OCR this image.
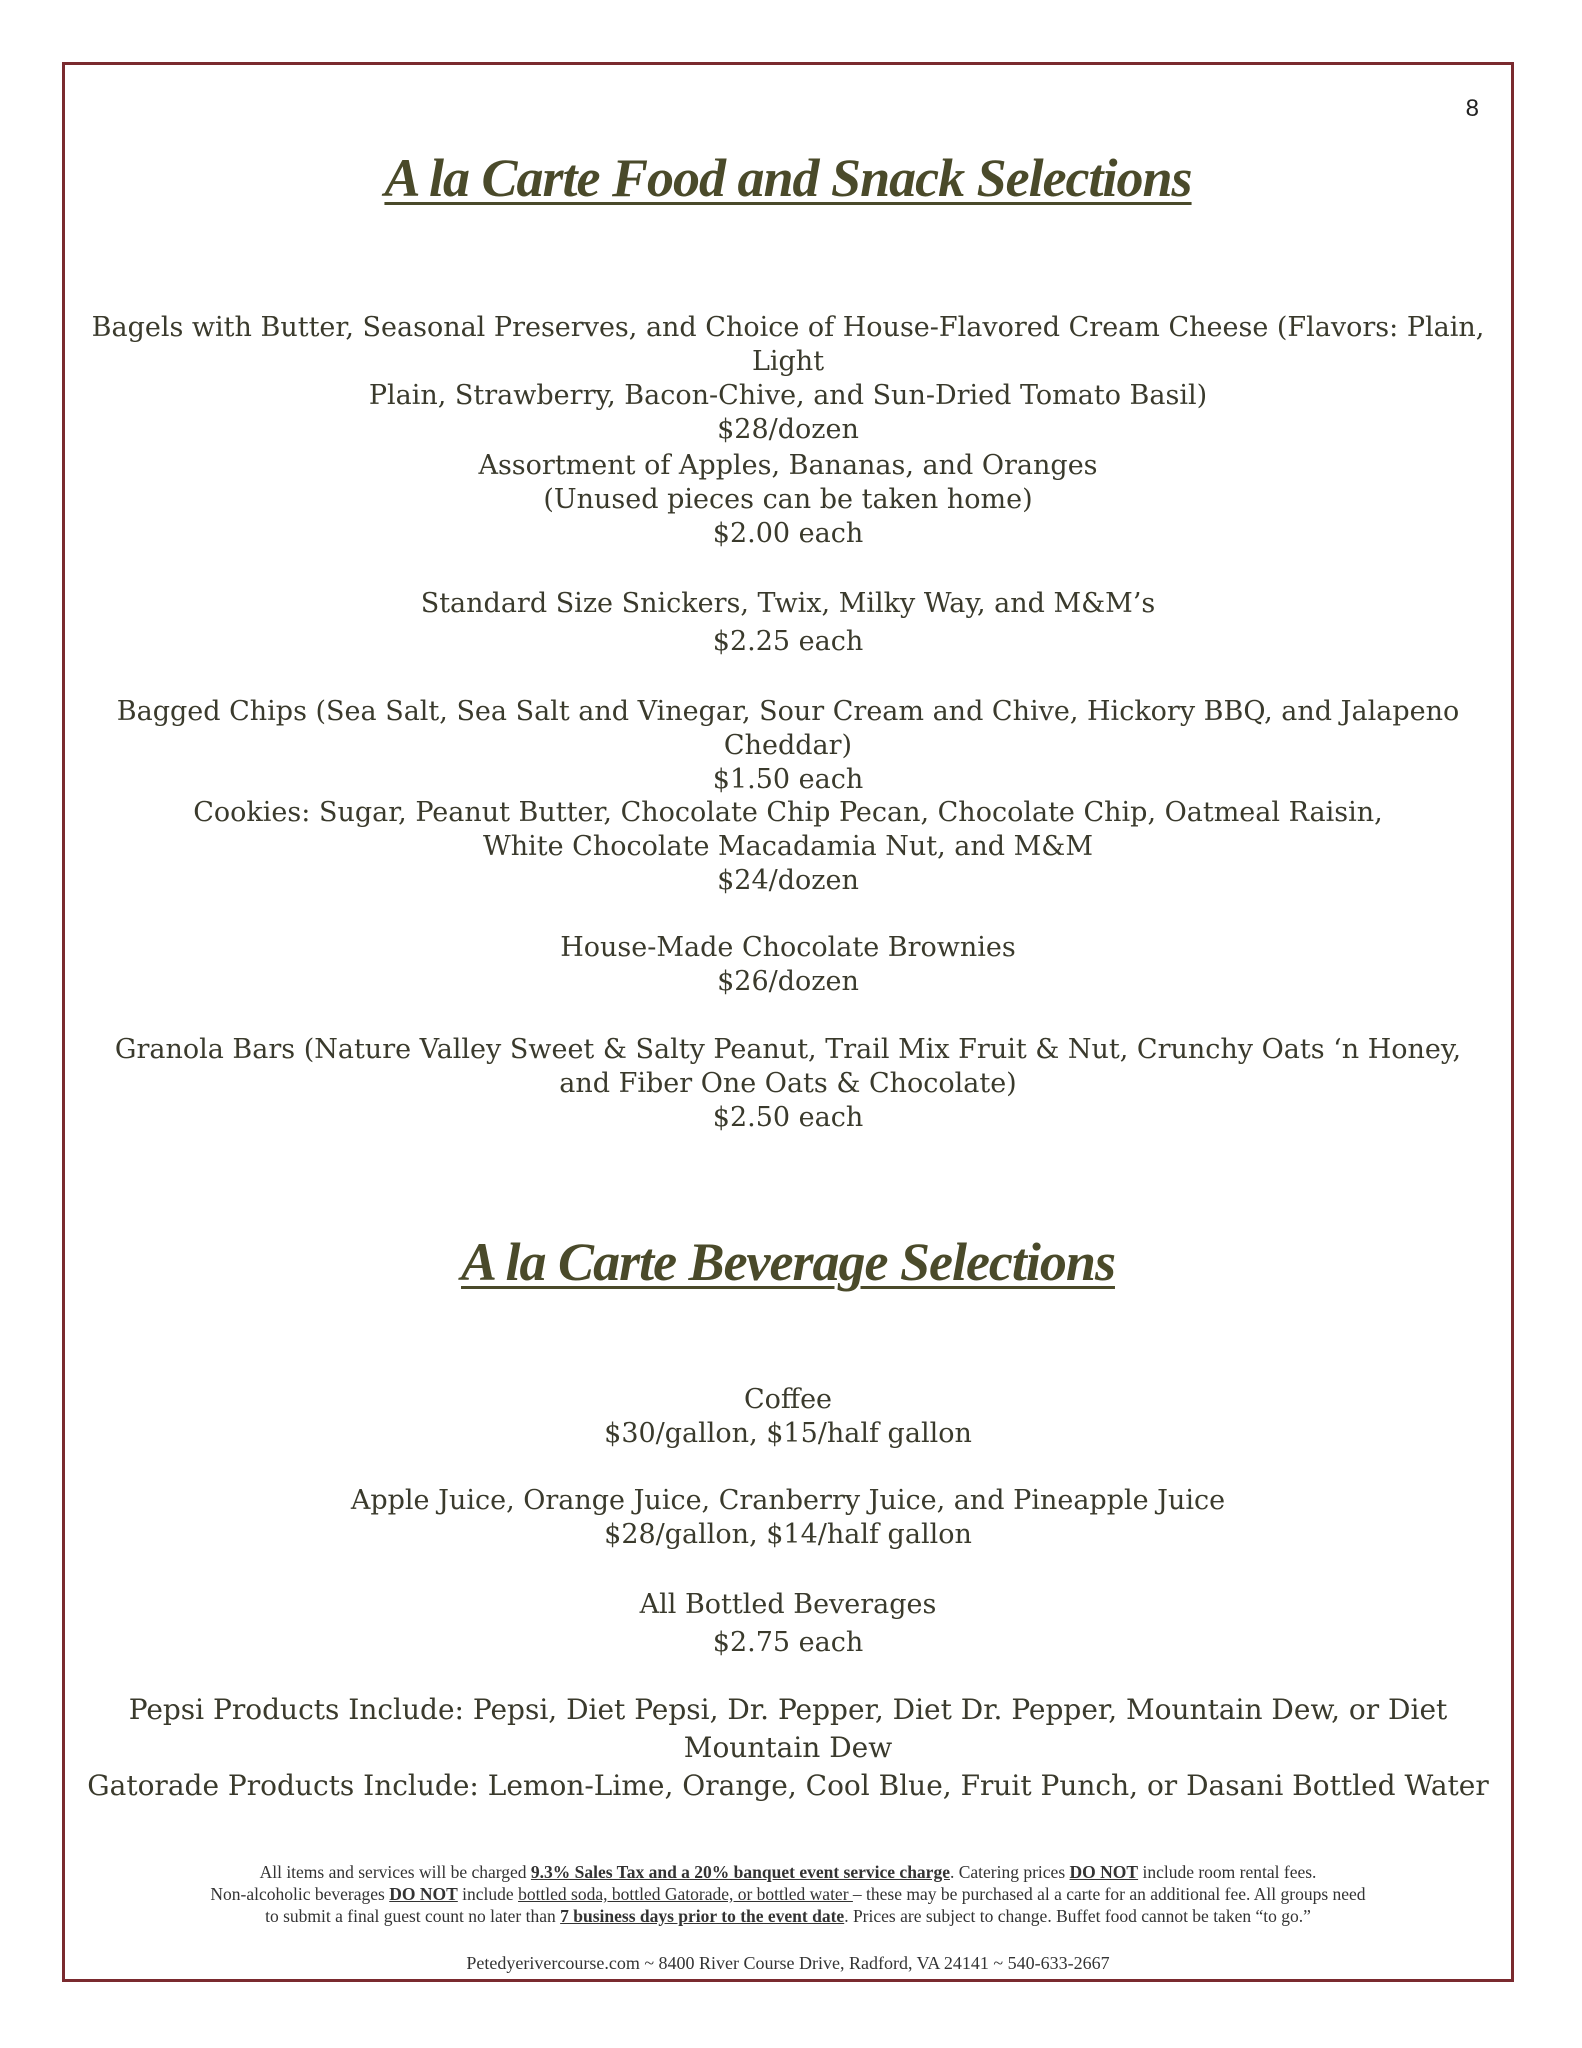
8
A la Carte Food and Snack Selections
Bagels with Butter, Seasonal Preserves, and Choice of House-Flavored Cream Cheese (Flavors: Plain, Light
Plain, Strawberry, Bacon-Chive, and Sun-Dried Tomato Basil)
$28/dozen
Assortment of Apples, Bananas, and Oranges
(Unused pieces can be taken home)
$2.00 each
Standard Size Snickers, Twix, Milky Way, and M&M’s
$2.25 each
Bagged Chips (Sea Salt, Sea Salt and Vinegar, Sour Cream and Chive, Hickory BBQ, and Jalapeno Cheddar)
$1.50 each
Cookies: Sugar, Peanut Butter, Chocolate Chip Pecan, Chocolate Chip, Oatmeal Raisin,
White Chocolate Macadamia Nut, and M&M
$24/dozen
House-Made Chocolate Brownies
$26/dozen
Granola Bars (Nature Valley Sweet & Salty Peanut, Trail Mix Fruit & Nut, Crunchy Oats ‘n Honey,
and Fiber One Oats & Chocolate)
$2.50 each
A la Carte Beverage Selections
Coffee
$30/gallon, $15/half gallon
Apple Juice, Orange Juice, Cranberry Juice, and Pineapple Juice
$28/gallon, $14/half gallon
All Bottled Beverages
$2.75 each
Pepsi Products Include: Pepsi, Diet Pepsi, Dr. Pepper, Diet Dr. Pepper, Mountain Dew, or Diet Mountain Dew
Gatorade Products Include: Lemon-Lime, Orange, Cool Blue, Fruit Punch, or Dasani Bottled Water
All items and services will be charged 9.3% Sales Tax and a 20% banquet event service charge. Catering prices DO NOT include room rental fees.
Non-alcoholic beverages DO NOT include bottled soda, bottled Gatorade, or bottled water – these may be purchased al a carte for an additional fee. All groups need
to submit a final guest count no later than 7 business days prior to the event date. Prices are subject to change. Buffet food cannot be taken “to go.”
Petedyerivercourse.com ~ 8400 River Course Drive, Radford, VA 24141 ~ 540-633-2667
